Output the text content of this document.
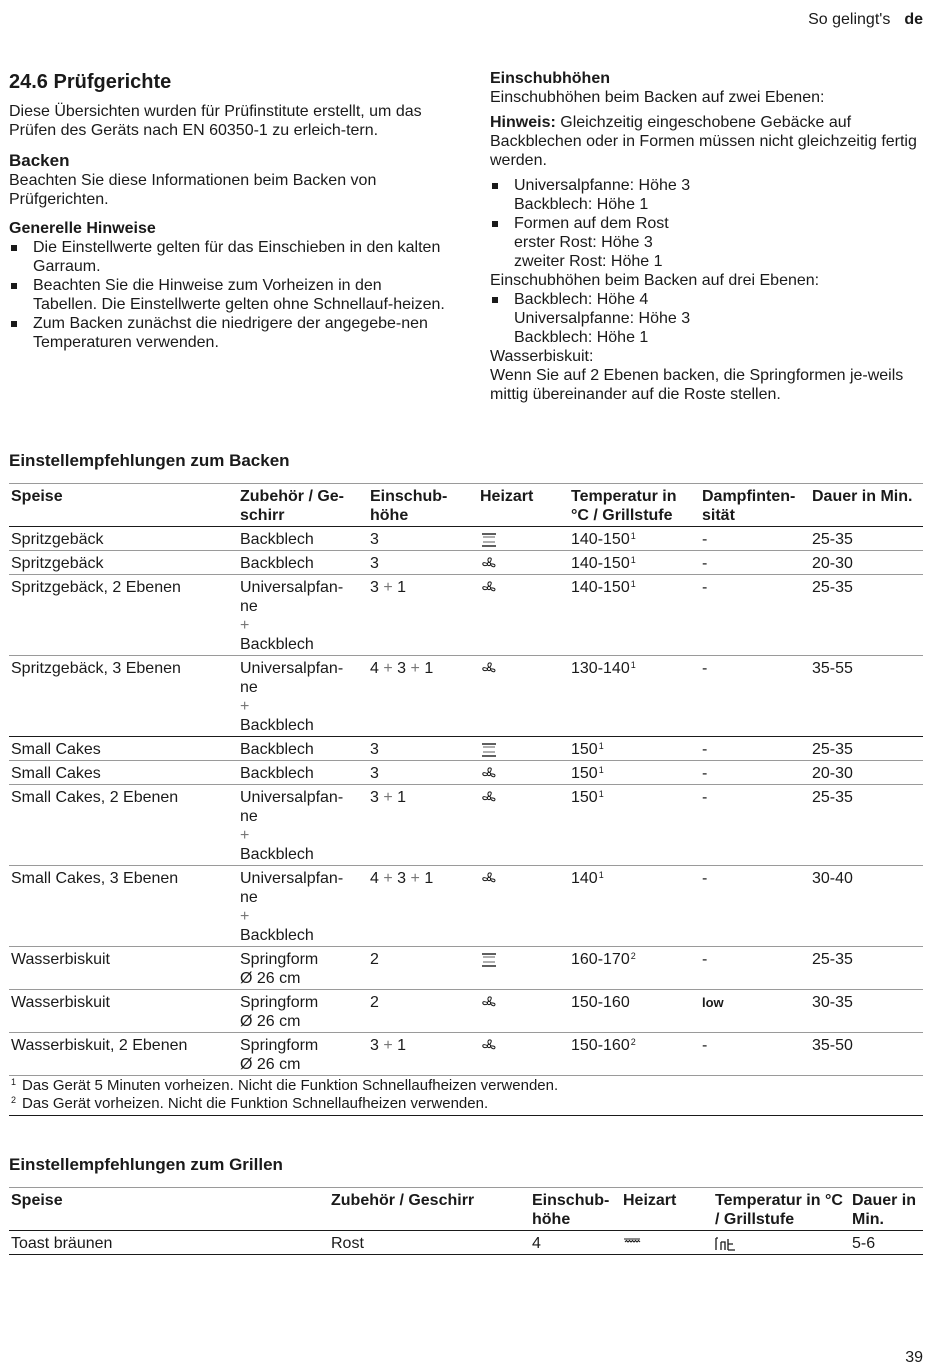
So gelingt's de
24.6 Prüfgerichte

Diese Übersichten wurden für Prüfinstitute erstellt, um das Prüfen des Geräts nach EN 60350-1 zu erleich-tern.

Backen

Beachten Sie diese Informationen beim Backen von Prüfgerichten.

Generelle Hinweise
Die Einstellwerte gelten für das Einschieben in den kalten Garraum.
Beachten Sie die Hinweise zum Vorheizen in den Tabellen. Die Einstellwerte gelten ohne Schnellauf-heizen.
Zum Backen zunächst die niedrigere der angegebe-nen Temperaturen verwenden.
Einschubhöhen

Einschubhöhen beim Backen auf zwei Ebenen:

Hinweis: Gleichzeitig eingeschobene Gebäcke auf Backblechen oder in Formen müssen nicht gleichzeitig fertig werden.

Universalpfanne: Höhe 3
Backblech: Höhe 1
Formen auf dem Rost
erster Rost: Höhe 3
zweiter Rost: Höhe 1

Einschubhöhen beim Backen auf drei Ebenen:

Backblech: Höhe 4
Universalpfanne: Höhe 3
Backblech: Höhe 1

Wasserbiskuit:

Wenn Sie auf 2 Ebenen backen, die Springformen je-weils mittig übereinander auf die Roste stellen.

Einstellempfehlungen zum Backen
Speise	Zubehör / Ge-schirr	Einschub-höhe	Heizart	Temperatur in °C / Grillstufe	Dampfinten-sität	Dauer in Min.
Spritzgebäck	Backblech	3		$140-150^1$	-	25-35
Spritzgebäck	Backblech	3		$140-150^1$	-	20-30
Spritzgebäck, 2 Ebenen	Universalpfan-
ne
+
Backblech	3 + 1		$140-150^1$	-	25-35
Spritzgebäck, 3 Ebenen	Universalpfan-
ne
+
Backblech	4 + 3 + 1		$130-140^1$	-	35-55
Small Cakes	Backblech	3		$150^1$	-	25-35
Small Cakes	Backblech	3		$150^1$	-	20-30
Small Cakes, 2 Ebenen	Universalpfan-
ne
+
Backblech	3 + 1		$150^1$	-	25-35
Small Cakes, 3 Ebenen	Universalpfan-
ne
+
Backblech	4 + 3 + 1		$140^1$	-	30-40
Wasserbiskuit	Springform
Ø 26 cm	2		$160-170^2$	-	25-35
Wasserbiskuit	Springform
Ø 26 cm	2		150-160	low	30-35
Wasserbiskuit, 2 Ebenen	Springform
Ø 26 cm	3 + 1		$150-160^2$	-	35-50
$^1$ Das Gerät 5 Minuten vorheizen. Nicht die Funktion Schnellaufheizen verwenden.
$^2$ Das Gerät vorheizen. Nicht die Funktion Schnellaufheizen verwenden.
Einstellempfehlungen zum Grillen
Speise	Zubehör / Geschirr	Einschub-höhe	Heizart	Temperatur in °C / Grillstufe	Dauer in Min.
Toast bräunen	Rost	4			5-6
39
